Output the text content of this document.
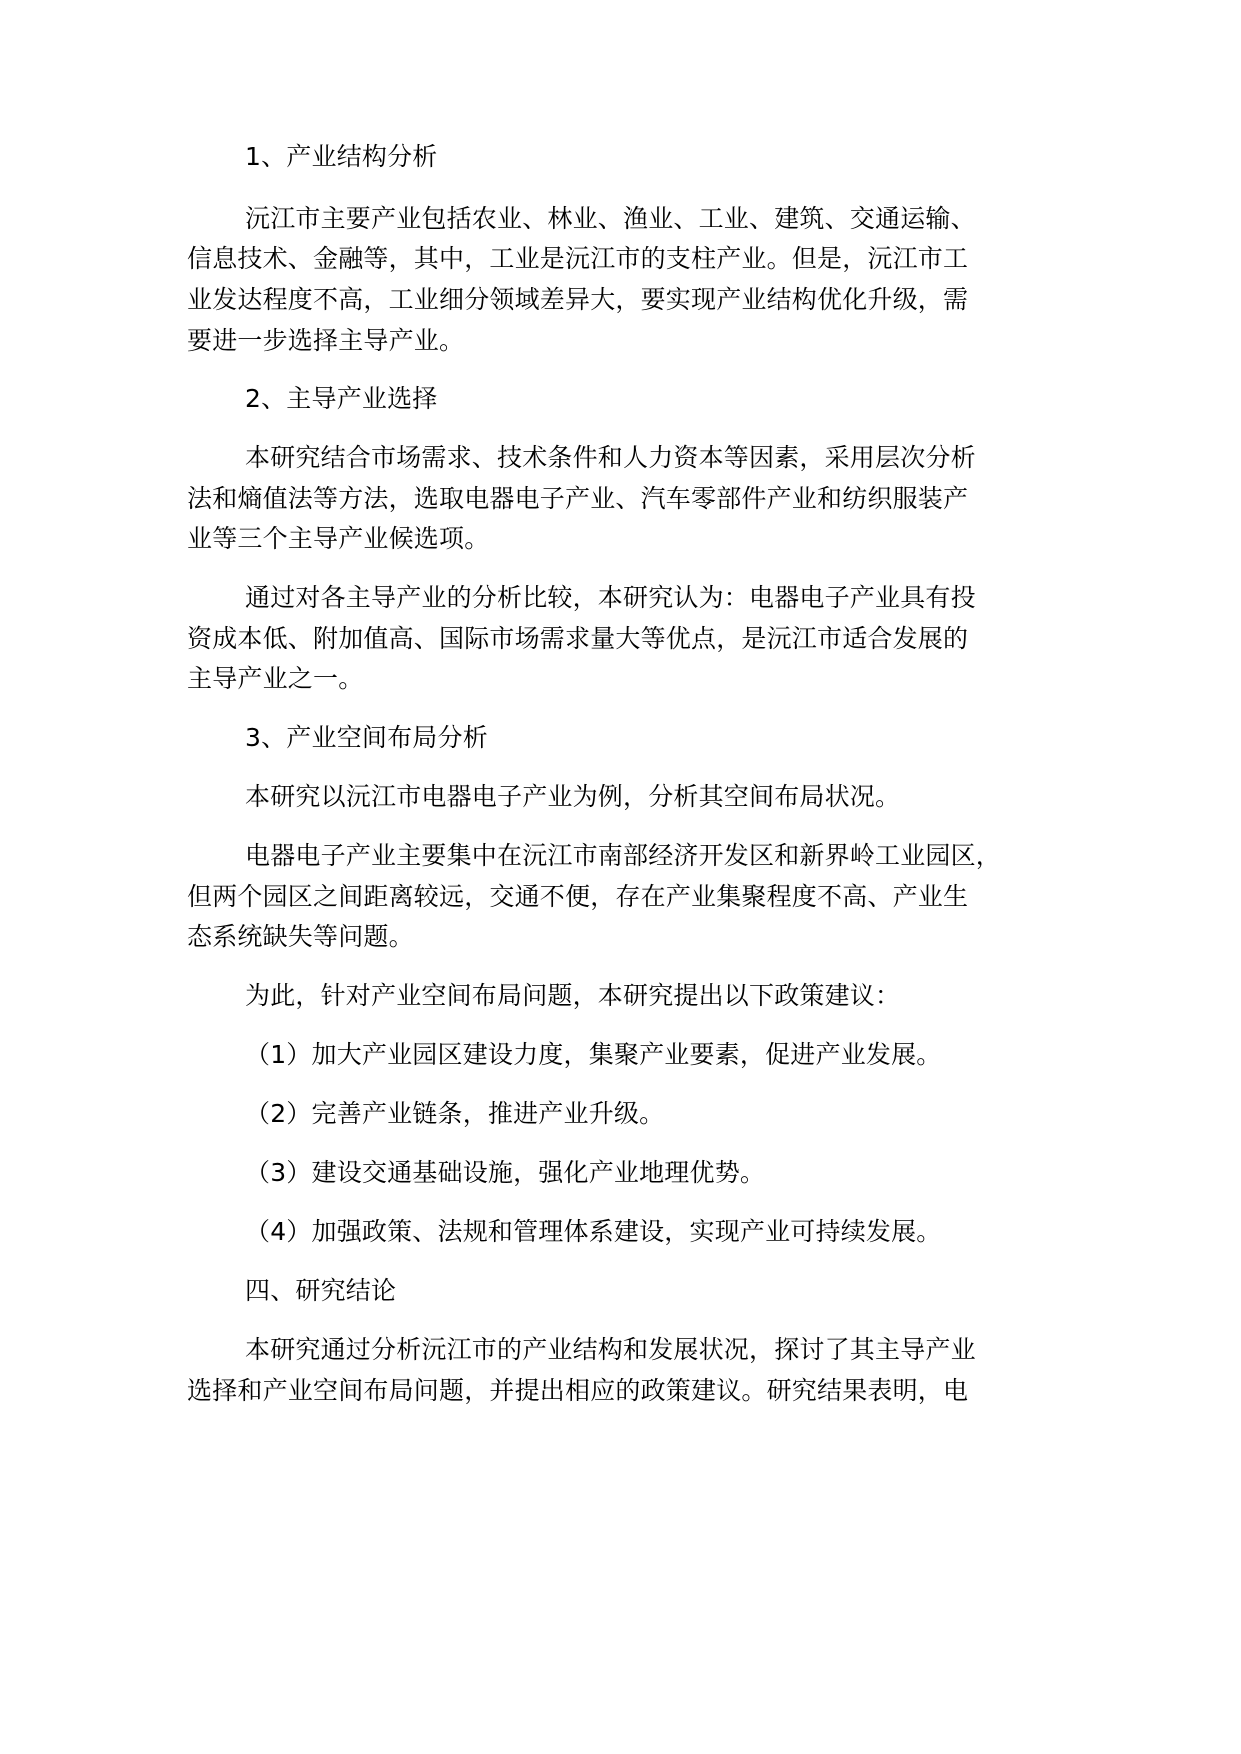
1、产业结构分析
沅江市主要产业包括农业、林业、渔业、工业、建筑、交通运输、
信息技术、金融等，其中，工业是沅江市的支柱产业。但是，沅江市工
业发达程度不高，工业细分领域差异大，要实现产业结构优化升级，需
要进一步选择主导产业。
2、主导产业选择
本研究结合市场需求、技术条件和人力资本等因素，采用层次分析
法和熵值法等方法，选取电器电子产业、汽车零部件产业和纺织服装产
业等三个主导产业候选项。
通过对各主导产业的分析比较，本研究认为：电器电子产业具有投
资成本低、附加值高、国际市场需求量大等优点，是沅江市适合发展的
主导产业之一。
3、产业空间布局分析
本研究以沅江市电器电子产业为例，分析其空间布局状况。
电器电子产业主要集中在沅江市南部经济开发区和新界岭工业园区，
但两个园区之间距离较远，交通不便，存在产业集聚程度不高、产业生
态系统缺失等问题。
为此，针对产业空间布局问题，本研究提出以下政策建议：
（1）加大产业园区建设力度，集聚产业要素，促进产业发展。
（2）完善产业链条，推进产业升级。
（3）建设交通基础设施，强化产业地理优势。
（4）加强政策、法规和管理体系建设，实现产业可持续发展。
四、研究结论
本研究通过分析沅江市的产业结构和发展状况，探讨了其主导产业
选择和产业空间布局问题，并提出相应的政策建议。研究结果表明，电
